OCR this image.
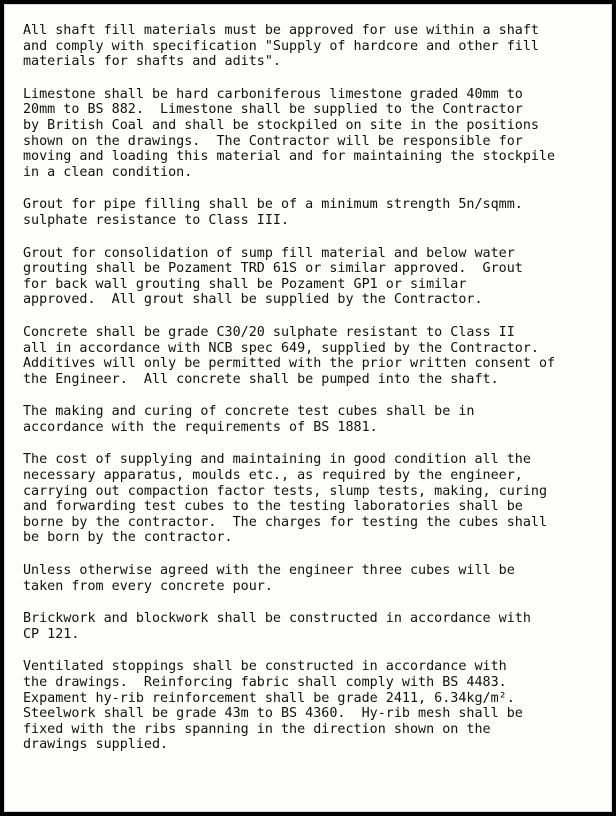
All shaft fill materials must be approved for use within a shaft
and comply with specification "Supply of hardcore and other fill
materials for shafts and adits".

Limestone shall be hard carboniferous limestone graded 40mm to
20mm to BS 882.  Limestone shall be supplied to the Contractor
by British Coal and shall be stockpiled on site in the positions
shown on the drawings.  The Contractor will be responsible for
moving and loading this material and for maintaining the stockpile
in a clean condition.

Grout for pipe filling shall be of a minimum strength 5n/sqmm.
sulphate resistance to Class III.

Grout for consolidation of sump fill material and below water
grouting shall be Pozament TRD 61S or similar approved.  Grout
for back wall grouting shall be Pozament GP1 or similar
approved.  All grout shall be supplied by the Contractor.

Concrete shall be grade C30/20 sulphate resistant to Class II
all in accordance with NCB spec 649, supplied by the Contractor.
Additives will only be permitted with the prior written consent of
the Engineer.  All concrete shall be pumped into the shaft.

The making and curing of concrete test cubes shall be in
accordance with the requirements of BS 1881.

The cost of supplying and maintaining in good condition all the
necessary apparatus, moulds etc., as required by the engineer,
carrying out compaction factor tests, slump tests, making, curing
and forwarding test cubes to the testing laboratories shall be
borne by the contractor.  The charges for testing the cubes shall
be born by the contractor.

Unless otherwise agreed with the engineer three cubes will be
taken from every concrete pour.

Brickwork and blockwork shall be constructed in accordance with
CP 121.

Ventilated stoppings shall be constructed in accordance with
the drawings.  Reinforcing fabric shall comply with BS 4483.
Expament hy-rib reinforcement shall be grade 2411, 6.34kg/m².
Steelwork shall be grade 43m to BS 4360.  Hy-rib mesh shall be
fixed with the ribs spanning in the direction shown on the
drawings supplied.
